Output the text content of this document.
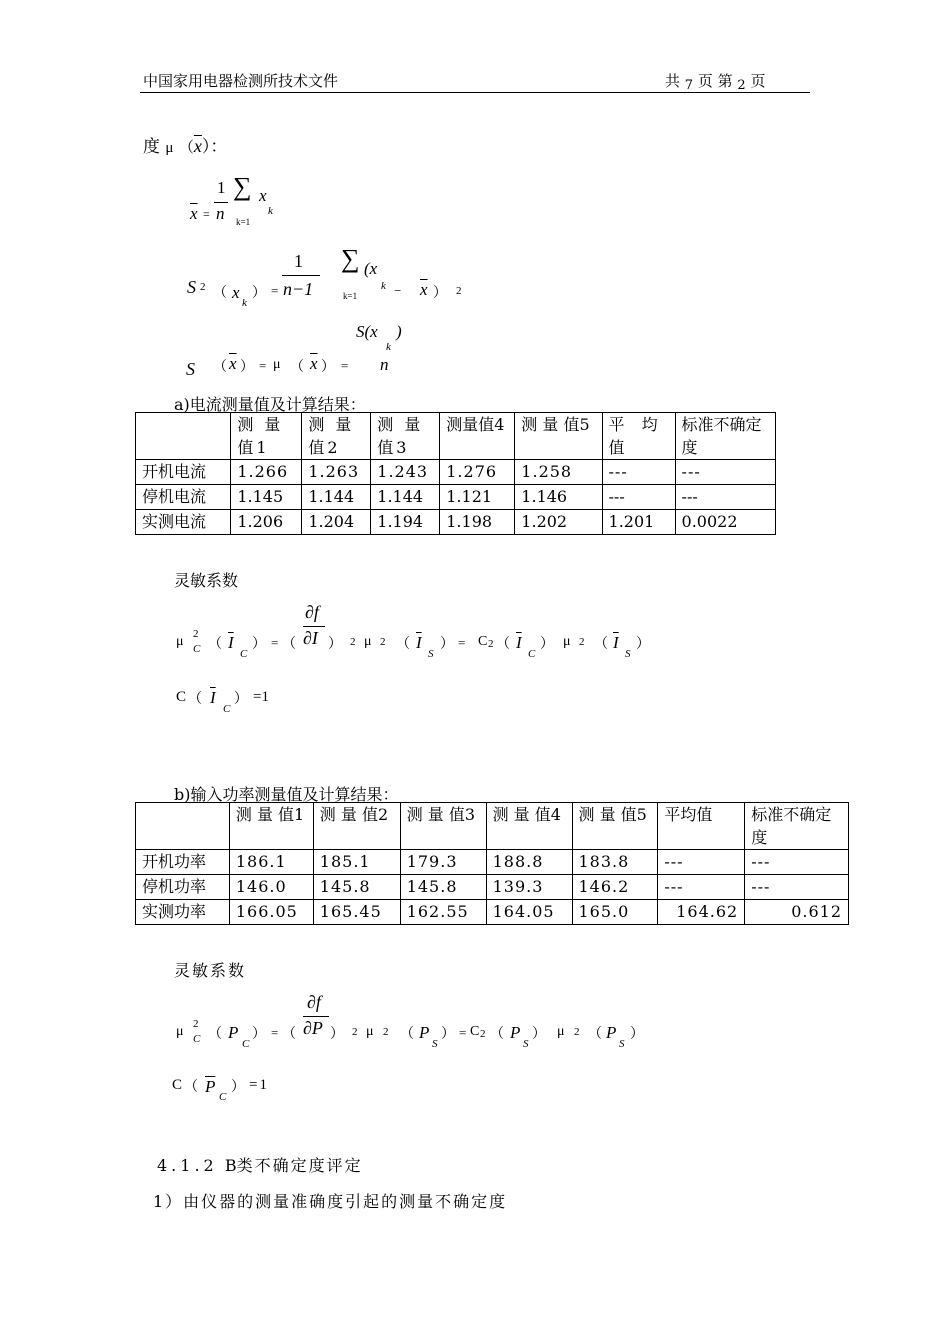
中国家用电器检测所技术文件	共 7 页 第 2 页
度 μ $(\overline{x})$：
$\overline{x}$ =
1
n
∑ x
k
k=1
S 2 （ x
k
） =
1
n−1
∑ (x
k
k=1	− $\overline{x}$ ） 2
S （ $\overline{x}$ ） = μ （ $\overline{x}$ ） =
S(x
k
)
n
a)电流测量值及计算结果：
	测 量 值1	测 量 值2	测 量 值3	测量值4	测 量 值5	平 均值	标准不确定度
开机电流	1.266	1.263	1.243	1.276	1.258	---	---
停机电流	1.145	1.144	1.144	1.121	1.146	---	---
实测电流	1.206	1.204	1.194	1.198	1.202	1.201	0.0022
灵敏系数
μ 2
C （ $\overline{I}$
C
） = （
∂f
∂I ） 2 μ 2 （ $\overline{I}$
S
） = C 2 （ $\overline{I}$
C
） μ 2 （ $\overline{I}$
S
）
C （ $\overline{I}$
C
） =1
b)输入功率测量值及计算结果：
	测 量 值1	测 量 值2	测 量 值3	测 量 值4	测 量 值5	平均值	标准不确定度
开机功率	186.1	185.1	179.3	188.8	183.8	---	---
停机功率	146.0	145.8	145.8	139.3	146.2	---	---
实测功率	166.05	165.45	162.55	164.05	165.0	164.62	0.612
灵敏系数
μ 2
C （ P
C
） = （
∂f
∂P ） 2 μ 2 （ P
S
） = C 2 （ P
S
） μ 2 （ P
S
）
C （ $\overline{P}$
C
） =1
4.1.2 B类不确定度评定
1）由仪器的测量准确度引起的测量不确定度
